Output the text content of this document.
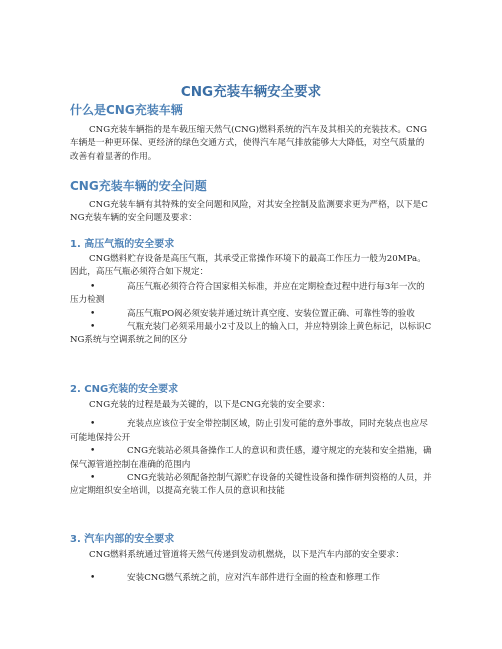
CNG充装车辆安全要求
什么是CNG充装车辆

CNG充装车辆指的是车载压缩天然气(CNG)燃料系统的汽车及其相关的充装技术。CNG车辆是一种更环保、更经济的绿色交通方式，使得汽车尾气排放能够大大降低，对空气质量的改善有着显著的作用。

CNG充装车辆的安全问题

CNG充装车辆有其特殊的安全问题和风险，对其安全控制及监测要求更为严格，以下是CNG充装车辆的安全问题及要求：

1. 高压气瓶的安全要求

CNG燃料贮存设备是高压气瓶，其承受正常操作环境下的最高工作压力一般为20MPa。因此，高压气瓶必须符合如下规定：

•	高压气瓶必须符合符合国家相关标准，并应在定期检查过程中进行每3年一次的压力检测
•	高压气瓶PO阀必须安装并通过统计真空度、安装位置正确、可靠性等的验收
•	气瓶充装门必须采用最小2寸及以上的输入口，并应特别涂上黄色标记，以标识CNG系统与空调系统之间的区分
2. CNG充装的安全要求

CNG充装的过程是最为关键的，以下是CNG充装的安全要求：

•	充装点应该位于安全带控制区域，防止引发可能的意外事故，同时充装点也应尽可能地保持公开
•	CNG充装站必须具备操作工人的意识和责任感，遵守规定的充装和安全措施，确保气源管道控制在准确的范围内
•	CNG充装站必须配备控制气源贮存设备的关键性设备和操作研判资格的人员，并应定期组织安全培训，以提高充装工作人员的意识和技能
3. 汽车内部的安全要求

CNG燃料系统通过管道将天然气传递到发动机燃烧，以下是汽车内部的安全要求：

•	安装CNG燃气系统之前，应对汽车部件进行全面的检查和修理工作
